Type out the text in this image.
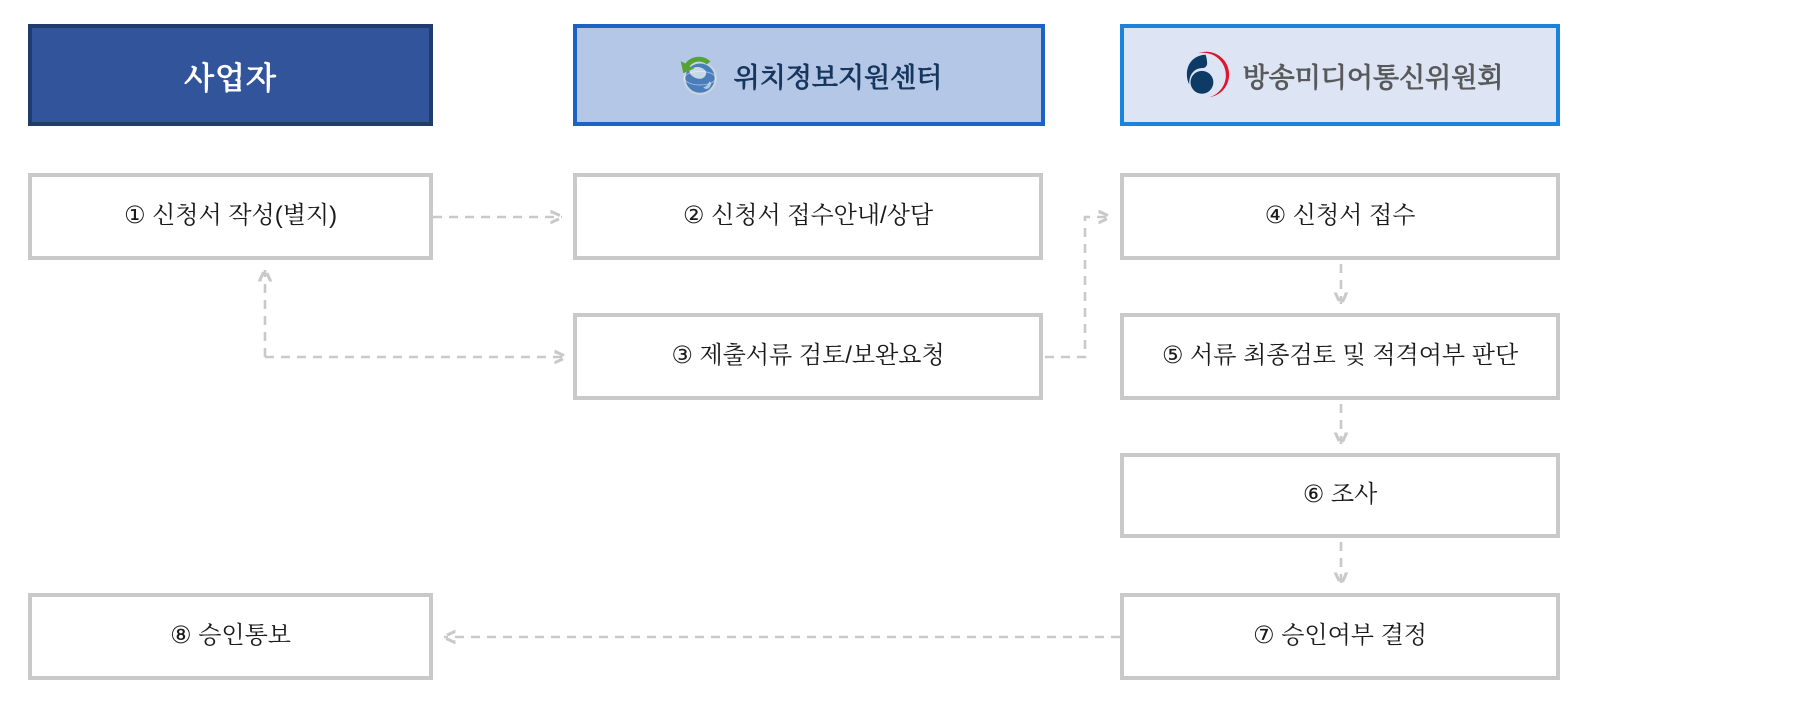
사업자	위치정보지원센터	방송미디어통신위원회
① 신청서 작성(별지)	② 신청서 접수안내/상담
③ 제출서류 검토/보완요청
④ 신청서 접수
⑤ 서류 최종검토 및 적격여부 판단
⑥ 조사
⑦ 승인여부 결정
⑧ 승인통보
